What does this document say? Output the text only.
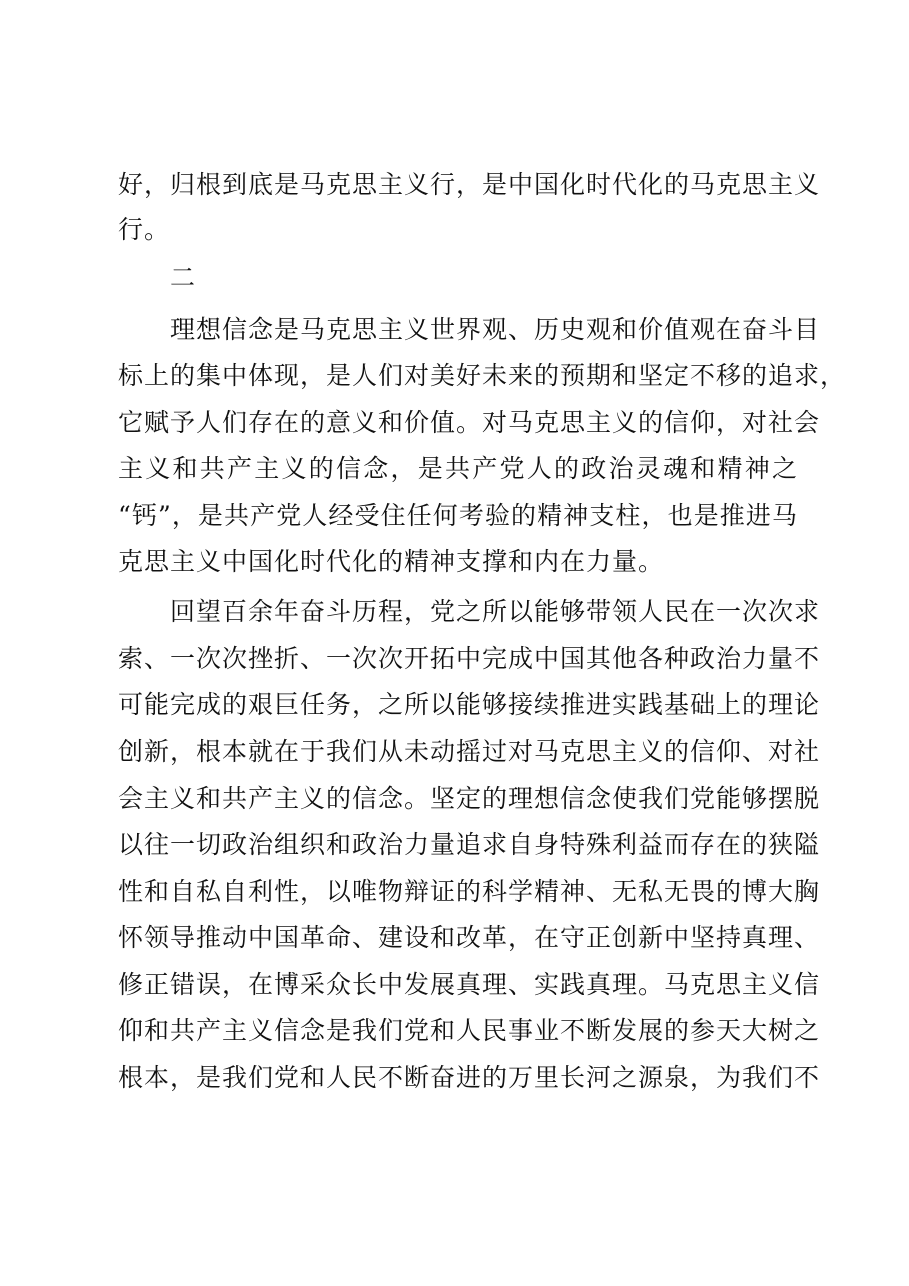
好，归根到底是马克思主义行，是中国化时代化的马克思主义
行。
二
理想信念是马克思主义世界观、历史观和价值观在奋斗目
标上的集中体现，是人们对美好未来的预期和坚定不移的追求，
它赋予人们存在的意义和价值。对马克思主义的信仰，对社会
主义和共产主义的信念，是共产党人的政治灵魂和精神之
“钙”，是共产党人经受住任何考验的精神支柱，也是推进马
克思主义中国化时代化的精神支撑和内在力量。
回望百余年奋斗历程，党之所以能够带领人民在一次次求
索、一次次挫折、一次次开拓中完成中国其他各种政治力量不
可能完成的艰巨任务，之所以能够接续推进实践基础上的理论
创新，根本就在于我们从未动摇过对马克思主义的信仰、对社
会主义和共产主义的信念。坚定的理想信念使我们党能够摆脱
以往一切政治组织和政治力量追求自身特殊利益而存在的狭隘
性和自私自利性，以唯物辩证的科学精神、无私无畏的博大胸
怀领导推动中国革命、建设和改革，在守正创新中坚持真理、
修正错误，在博采众长中发展真理、实践真理。马克思主义信
仰和共产主义信念是我们党和人民事业不断发展的参天大树之
根本，是我们党和人民不断奋进的万里长河之源泉，为我们不
